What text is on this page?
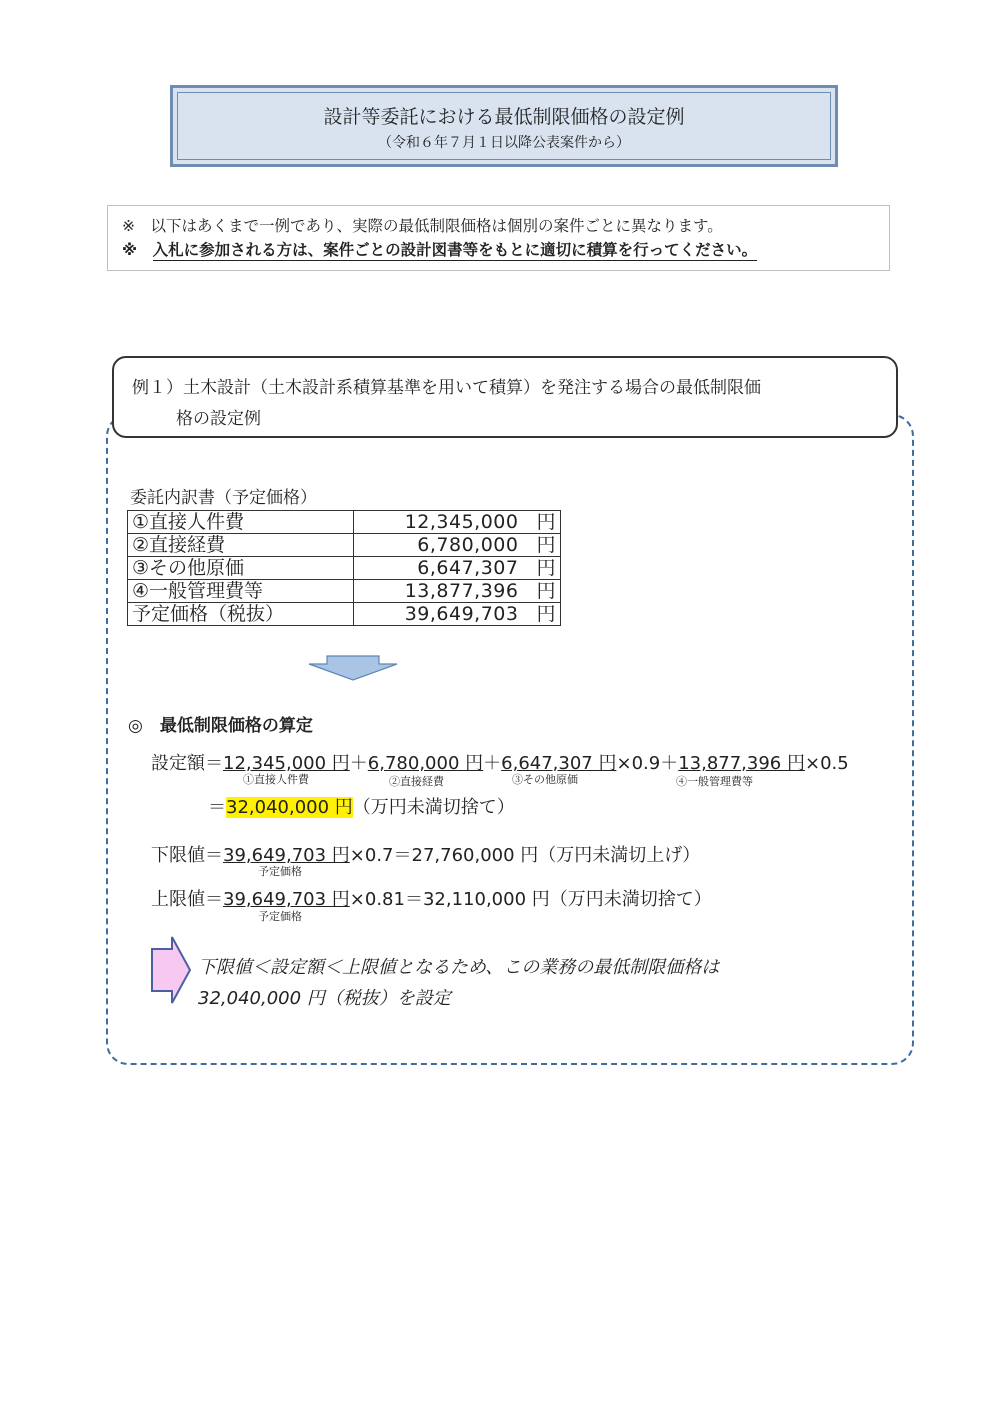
設計等委託における最低制限価格の設定例
（令和６年７月１日以降公表案件から）
※　以下はあくまで一例であり、実際の最低制限価格は個別の案件ごとに異なります。
※　入札に参加される方は、案件ごとの設計図書等をもとに適切に積算を行ってください。
例１）土木設計（土木設計系積算基準を用いて積算）を発注する場合の最低制限価
格の設定例
委託内訳書（予定価格）
①直接人件費	12,345,000 円
②直接経費	6,780,000 円
③その他原価	6,647,307 円
④一般管理費等	13,877,396 円
予定価格（税抜）	39,649,703 円
◎　最低制限価格の算定
設定額＝12,345,000 円＋6,780,000 円＋6,647,307 円×0.9＋13,877,396 円×0.5
①直接人件費	②直接経費	③その他原価	④一般管理費等
＝32,040,000 円（万円未満切捨て）
下限値＝39,649,703 円×0.7＝27,760,000 円（万円未満切上げ）
予定価格
上限値＝39,649,703 円×0.81＝32,110,000 円（万円未満切捨て）
予定価格
下限値＜設定額＜上限値となるため、この業務の最低制限価格は
32,040,000 円（税抜）を設定
